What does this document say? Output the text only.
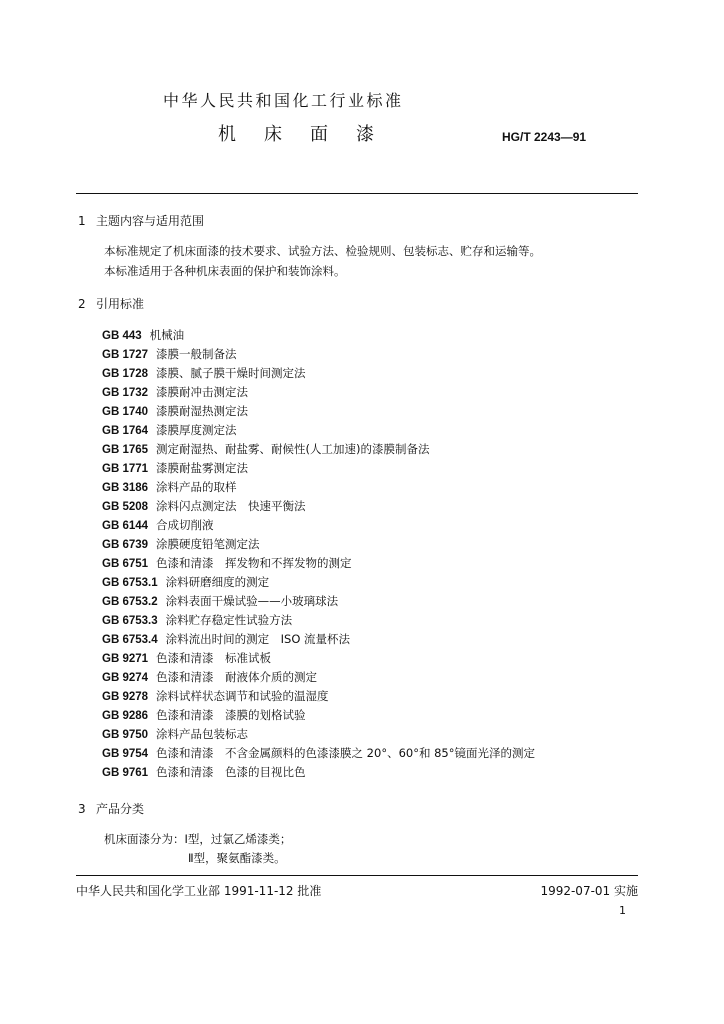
中华人民共和国化工行业标准
机床面漆	HG/T 2243—91
1 主题内容与适用范围
本标准规定了机床面漆的技术要求、试验方法、检验规则、包装标志、贮存和运输等。
本标准适用于各种机床表面的保护和装饰涂料。
2 引用标准
GB 443 机械油
GB 1727 漆膜一般制备法
GB 1728 漆膜、腻子膜干燥时间测定法
GB 1732 漆膜耐冲击测定法
GB 1740 漆膜耐湿热测定法
GB 1764 漆膜厚度测定法
GB 1765 测定耐湿热、耐盐雾、耐候性(人工加速)的漆膜制备法
GB 1771 漆膜耐盐雾测定法
GB 3186 涂料产品的取样
GB 5208 涂料闪点测定法　快速平衡法
GB 6144 合成切削液
GB 6739 涂膜硬度铅笔测定法
GB 6751 色漆和清漆　挥发物和不挥发物的测定
GB 6753.1 涂料研磨细度的测定
GB 6753.2 涂料表面干燥试验——小玻璃球法
GB 6753.3 涂料贮存稳定性试验方法
GB 6753.4 涂料流出时间的测定　ISO 流量杯法
GB 9271 色漆和清漆　标准试板
GB 9274 色漆和清漆　耐液体介质的测定
GB 9278 涂料试样状态调节和试验的温湿度
GB 9286 色漆和清漆　漆膜的划格试验
GB 9750 涂料产品包装标志
GB 9754 色漆和清漆　不含金属颜料的色漆漆膜之 20°、60°和 85°镜面光泽的测定
GB 9761 色漆和清漆　色漆的目视比色
3 产品分类
机床面漆分为：Ⅰ型，过氯乙烯漆类；
Ⅱ型，聚氨酯漆类。
中华人民共和国化学工业部 1991-11-12 批准	1992-07-01 实施
1
